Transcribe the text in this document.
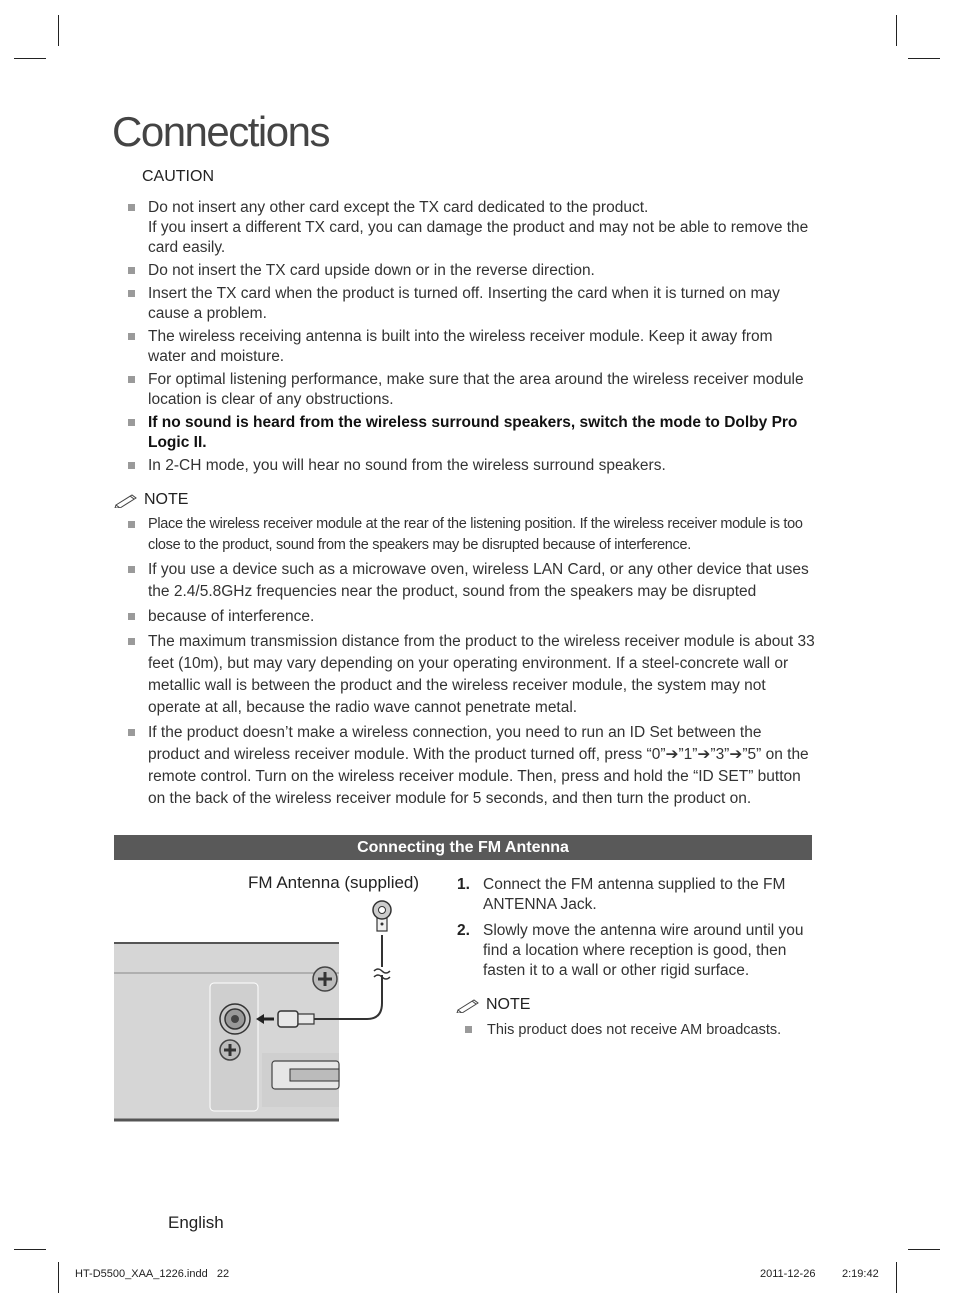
Connections
CAUTION
Do not insert any other card except the TX card dedicated to the product.
If you insert a different TX card, you can damage the product and may not be able to remove the card easily.
Do not insert the TX card upside down or in the reverse direction.
Insert the TX card when the product is turned off. Inserting the card when it is turned on may cause a problem.
The wireless receiving antenna is built into the wireless receiver module. Keep it away from water and moisture.
For optimal listening performance, make sure that the area around the wireless receiver module location is clear of any obstructions.
If no sound is heard from the wireless surround speakers, switch the mode to Dolby Pro Logic II.
In 2-CH mode, you will hear no sound from the wireless surround speakers.
NOTE
Place the wireless receiver module at the rear of the listening position. If the wireless receiver module is too close to the product, sound from the speakers may be disrupted because of interference.
If you use a device such as a microwave oven, wireless LAN Card, or any other device that uses the 2.4/5.8GHz frequencies near the product, sound from the speakers may be disrupted
because of interference.
The maximum transmission distance from the product to the wireless receiver module is about 33 feet (10m), but may vary depending on your operating environment. If a steel-concrete wall or metallic wall is between the product and the wireless receiver module, the system may not operate at all, because the radio wave cannot penetrate metal.
If the product doesn’t make a wireless connection, you need to run an ID Set between the product and wireless receiver module. With the product turned off, press “0”➔”1”➔”3”➔”5” on the remote control. Turn on the wireless receiver module. Then, press and hold the “ID SET” button on the back of the wireless receiver module for 5 seconds, and then turn the product on.
Connecting the FM Antenna
FM Antenna (supplied) 1. Connect the FM antenna supplied to the FM ANTENNA Jack.
2. Slowly move the antenna wire around until you find a location where reception is good, then fasten it to a wall or other rigid surface.
NOTE
This product does not receive AM broadcasts.
English
HT-D5500_XAA_1226.indd   22	2011-12-26 2:19:42
